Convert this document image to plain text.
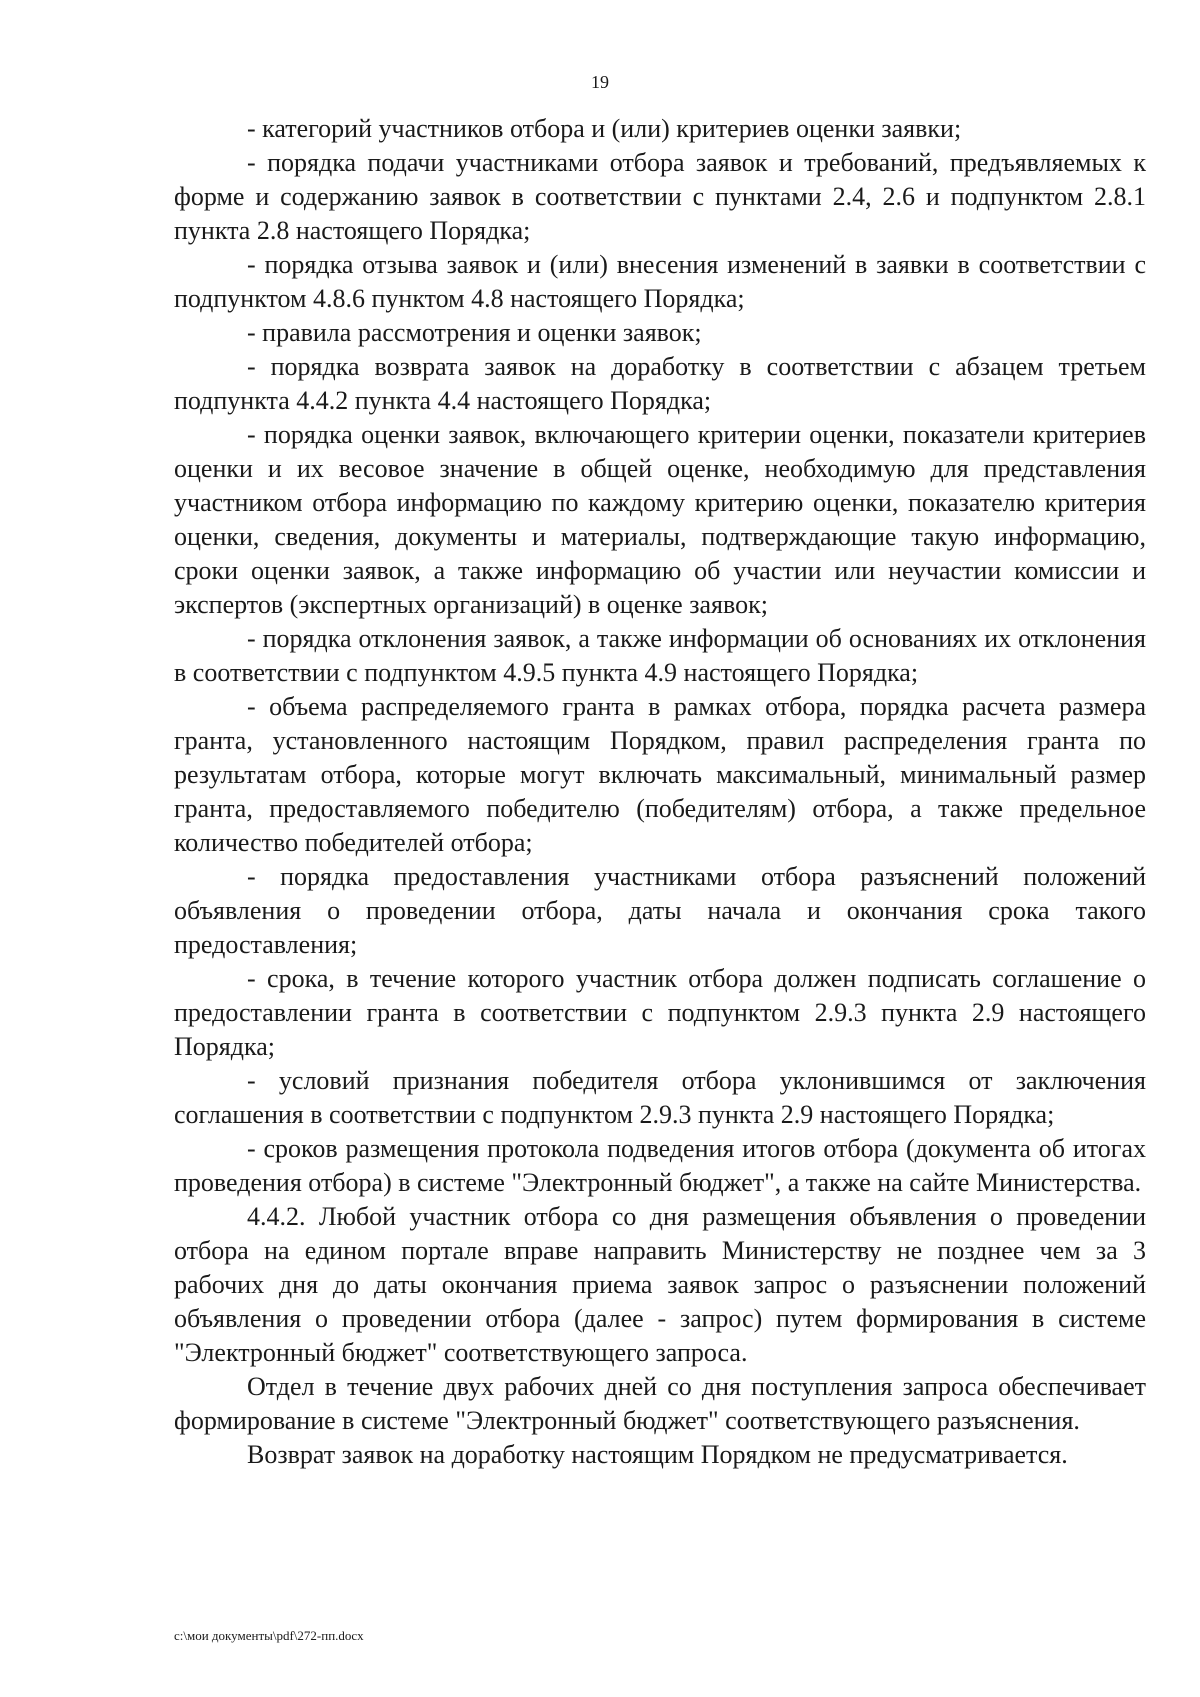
19

- категорий участников отбора и (или) критериев оценки заявки;

- порядка подачи участниками отбора заявок и требований, предъявляемых к форме и содержанию заявок в соответствии с пунктами 2.4, 2.6 и подпунктом 2.8.1 пункта 2.8 настоящего Порядка;

- порядка отзыва заявок и (или) внесения изменений в заявки в соответствии с подпунктом 4.8.6 пунктом 4.8 настоящего Порядка;

- правила рассмотрения и оценки заявок;

- порядка возврата заявок на доработку в соответствии с абзацем третьем подпункта 4.4.2 пункта 4.4 настоящего Порядка;

- порядка оценки заявок, включающего критерии оценки, показатели критериев оценки и их весовое значение в общей оценке, необходимую для представления участником отбора информацию по каждому критерию оценки, показателю критерия оценки, сведения, документы и материалы, подтверждающие такую информацию, сроки оценки заявок, а также информацию об участии или неучастии комиссии и экспертов (экспертных организаций) в оценке заявок;

- порядка отклонения заявок, а также информации об основаниях их отклонения в соответствии с подпунктом 4.9.5 пункта 4.9 настоящего Порядка;

- объема распределяемого гранта в рамках отбора, порядка расчета размера гранта, установленного настоящим Порядком, правил распределения гранта по результатам отбора, которые могут включать максимальный, минимальный размер гранта, предоставляемого победителю (победителям) отбора, а также предельное количество победителей отбора;

- порядка предоставления участниками отбора разъяснений положений объявления о проведении отбора, даты начала и окончания срока такого предоставления;

- срока, в течение которого участник отбора должен подписать соглашение о предоставлении гранта в соответствии с подпунктом 2.9.3 пункта 2.9 настоящего Порядка;

- условий признания победителя отбора уклонившимся от заключения соглашения в соответствии с подпунктом 2.9.3 пункта 2.9 настоящего Порядка;

- сроков размещения протокола подведения итогов отбора (документа об итогах проведения отбора) в системе "Электронный бюджет", а также на сайте Министерства.

4.4.2. Любой участник отбора со дня размещения объявления о проведении отбора на едином портале вправе направить Министерству не позднее чем за 3 рабочих дня до даты окончания приема заявок запрос о разъяснении положений объявления о проведении отбора (далее - запрос) путем формирования в системе "Электронный бюджет" соответствующего запроса.

Отдел в течение двух рабочих дней со дня поступления запроса обеспечивает формирование в системе "Электронный бюджет" соответствующего разъяснения.

Возврат заявок на доработку настоящим Порядком не предусматривается.

c:\мои документы\pdf\272-пп.docx
